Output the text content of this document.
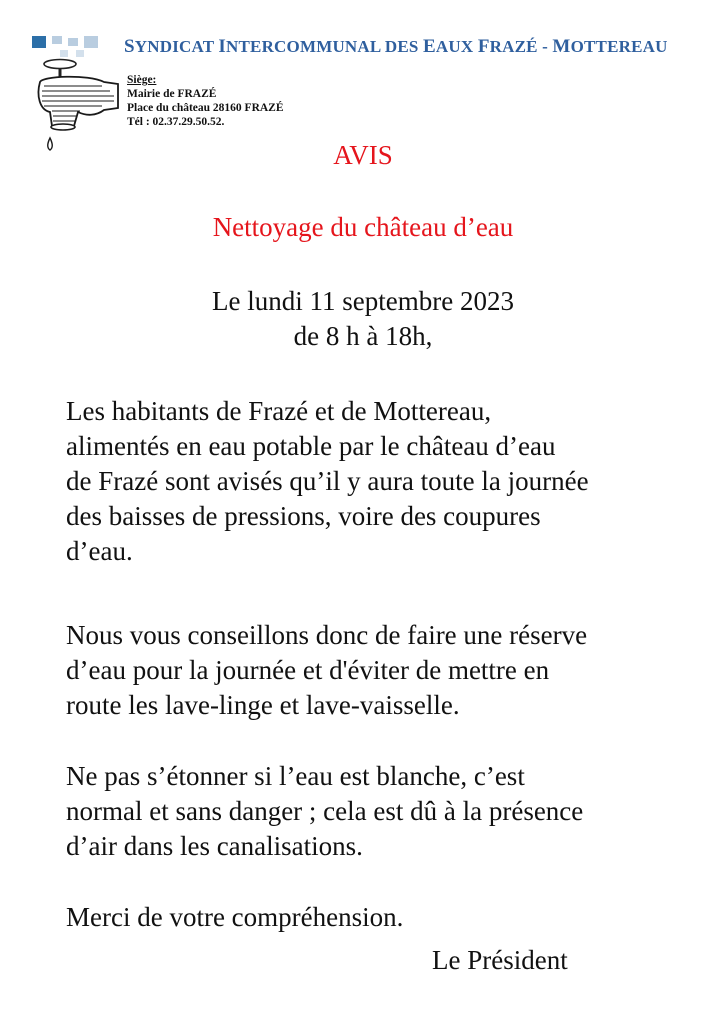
SYNDICAT INTERCOMMUNAL DES EAUX FRAZÉ - MOTTEREAU
Siège:
Mairie de FRAZÉ
Place du château 28160 FRAZÉ
Tél : 02.37.29.50.52.
AVIS
Nettoyage du château d’eau
Le lundi 11 septembre 2023
de 8 h à 18h,
Les habitants de Frazé et de Mottereau,
alimentés en eau potable par le château d’eau
de Frazé sont avisés qu’il y aura toute la journée
des baisses de pressions, voire des coupures
d’eau.
Nous vous conseillons donc de faire une réserve
d’eau pour la journée et d'éviter de mettre en
route les lave-linge et lave-vaisselle.
Ne pas s’étonner si l’eau est blanche, c’est
normal et sans danger ; cela est dû à la présence
d’air dans les canalisations.
Merci de votre compréhension.
Le Président
